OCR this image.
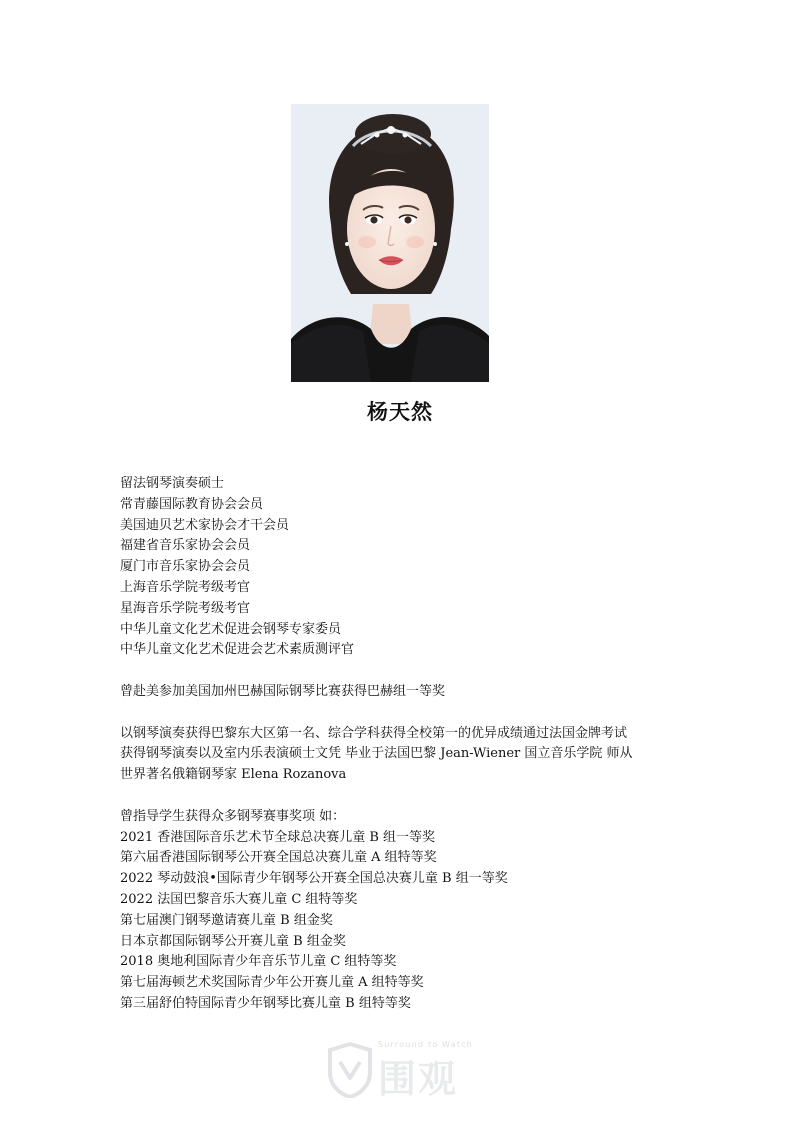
杨天然
留法钢琴演奏硕士
常青藤国际教育协会会员
美国迪贝艺术家协会才干会员
福建省音乐家协会会员
厦门市音乐家协会会员
上海音乐学院考级考官
星海音乐学院考级考官
中华儿童文化艺术促进会钢琴专家委员
中华儿童文化艺术促进会艺术素质测评官
曾赴美参加美国加州巴赫国际钢琴比赛获得巴赫组一等奖
以钢琴演奏获得巴黎东大区第一名、综合学科获得全校第一的优异成绩通过法国金牌考试
获得钢琴演奏以及室内乐表演硕士文凭 毕业于法国巴黎 Jean-Wiener 国立音乐学院 师从
世界著名俄籍钢琴家 Elena Rozanova
曾指导学生获得众多钢琴赛事奖项 如：
2021 香港国际音乐艺术节全球总决赛儿童 B 组一等奖
第六届香港国际钢琴公开赛全国总决赛儿童 A 组特等奖
2022 琴动鼓浪•国际青少年钢琴公开赛全国总决赛儿童 B 组一等奖
2022 法国巴黎音乐大赛儿童 C 组特等奖
第七届澳门钢琴邀请赛儿童 B 组金奖
日本京都国际钢琴公开赛儿童 B 组金奖
2018 奥地利国际青少年音乐节儿童 C 组特等奖
第七届海顿艺术奖国际青少年公开赛儿童 A 组特等奖
第三届舒伯特国际青少年钢琴比赛儿童 B 组特等奖
Surround to Watch
围观
